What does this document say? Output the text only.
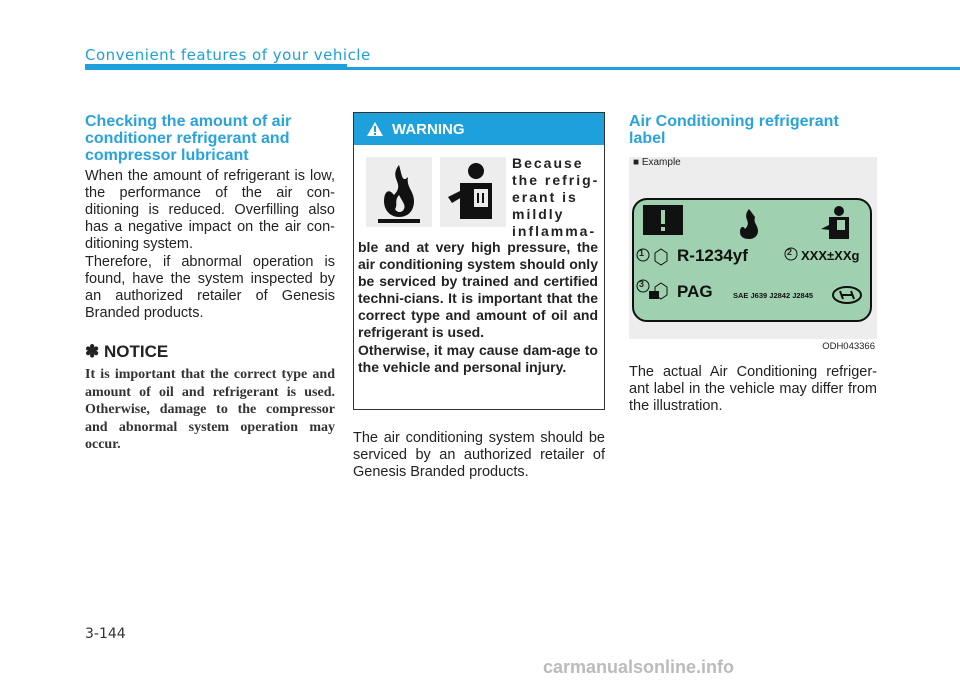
Convenient features of your vehicle
Checking the amount of air conditioner refrigerant and compressor lubricant
When the amount of refrigerant is low, the performance of the air con-ditioning is reduced. Overfilling also has a negative impact on the air con-ditioning system.
Therefore, if abnormal operation is found, have the system inspected by an authorized retailer of Genesis Branded products.
✽ NOTICE
It is important that the correct type and amount of oil and refrigerant is used. Otherwise, damage to the compressor and abnormal system operation may occur.
WARNING
Because
the refrig-
erant is
mildly
inflamma-
ble and at very high pressure, the air conditioning system should only be serviced by trained and certified techni-cians. It is important that the correct type and amount of oil and refrigerant is used.
Otherwise, it may cause dam-age to the vehicle and personal injury.
The air conditioning system should be serviced by an authorized retailer of Genesis Branded products.
Air Conditioning refrigerant label
■ Example
1	2
3
R-1234yf	XXX±XXg
PAG	SAE J639 J2842 J2845
ODH043366
The actual Air Conditioning refriger-ant label in the vehicle may differ from the illustration.
3-144
carmanualsonline.info
